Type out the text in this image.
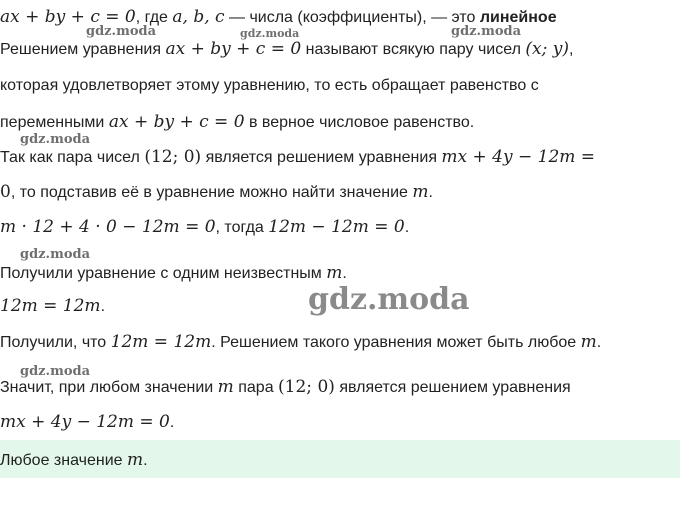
gdz.moda	gdz.moda	gdz.moda
gdz.moda
gdz.moda
gdz.moda
gdz.moda
ax + by + c = 0, где a, b, c — числа (коэффициенты), — это линейное
Решением уравнения ax + by + c = 0 называют всякую пару чисел (x; y),
которая удовлетворяет этому уравнению, то есть обращает равенство с
переменными ax + by + c = 0 в верное числовое равенство.
Так как пара чисел (12; 0) является решением уравнения mx + 4y − 12m =
0, то подставив её в уравнение можно найти значение m.
m · 12 + 4 · 0 − 12m = 0, тогда 12m − 12m = 0.
Получили уравнение с одним неизвестным m.
12m = 12m.
Получили, что 12m = 12m. Решением такого уравнения может быть любое m.
Значит, при любом значении m пара (12; 0) является решением уравнения
mx + 4y − 12m = 0.
Любое значение m.
